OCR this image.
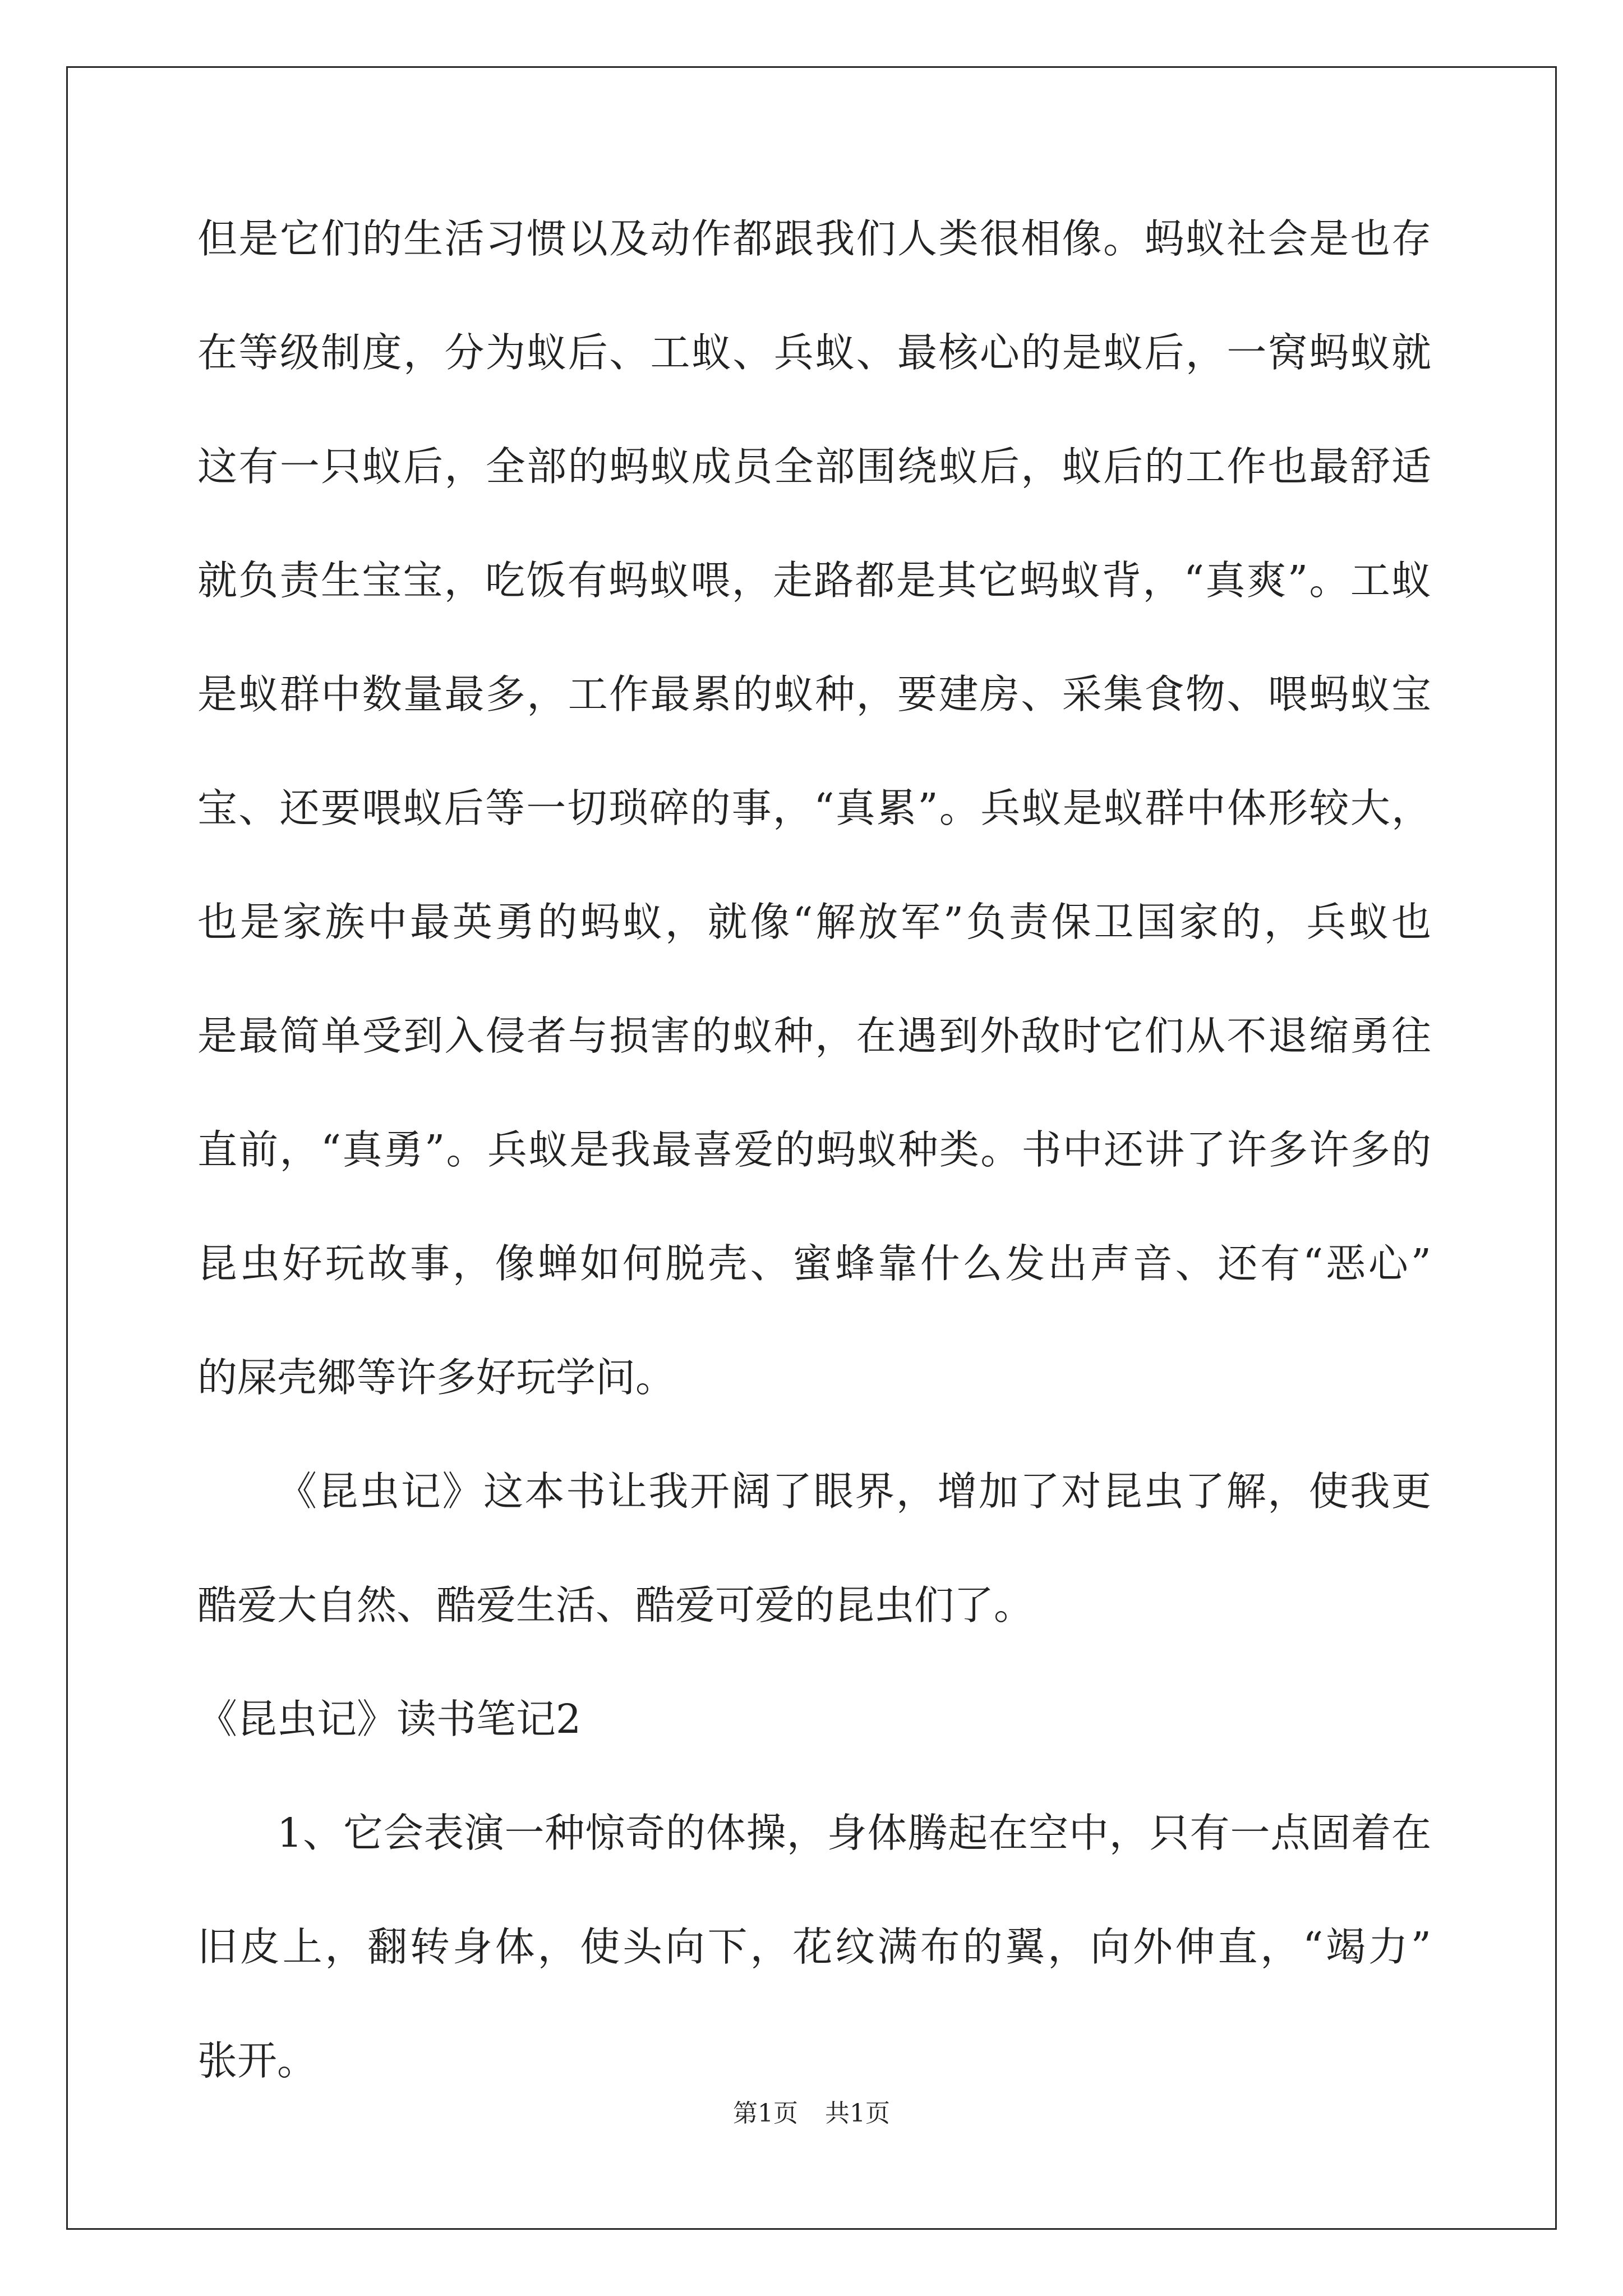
但是它们的生活习惯以及动作都跟我们人类很相像。蚂蚁社会是也存
在等级制度，分为蚁后、工蚁、兵蚁、最核心的是蚁后，一窝蚂蚁就
这有一只蚁后，全部的蚂蚁成员全部围绕蚁后，蚁后的工作也最舒适
就负责生宝宝，吃饭有蚂蚁喂，走路都是其它蚂蚁背，“真爽”。工蚁
是蚁群中数量最多，工作最累的蚁种，要建房、采集食物、喂蚂蚁宝
宝、还要喂蚁后等一切琐碎的事，“真累”。兵蚁是蚁群中体形较大，
也是家族中最英勇的蚂蚁，就像“解放军”负责保卫国家的，兵蚁也
是最简单受到入侵者与损害的蚁种，在遇到外敌时它们从不退缩勇往
直前，“真勇”。兵蚁是我最喜爱的蚂蚁种类。书中还讲了许多许多的
昆虫好玩故事，像蝉如何脱壳、蜜蜂靠什么发出声音、还有“恶心”
的屎壳郷等许多好玩学问。
《昆虫记》这本书让我开阔了眼界，增加了对昆虫了解，使我更
酷爱大自然、酷爱生活、酷爱可爱的昆虫们了。
《昆虫记》读书笔记2
1、它会表演一种惊奇的体操，身体腾起在空中，只有一点固着在
旧皮上，翻转身体，使头向下，花纹满布的翼，向外伸直，“竭力”
张开。
第1页 共1页
